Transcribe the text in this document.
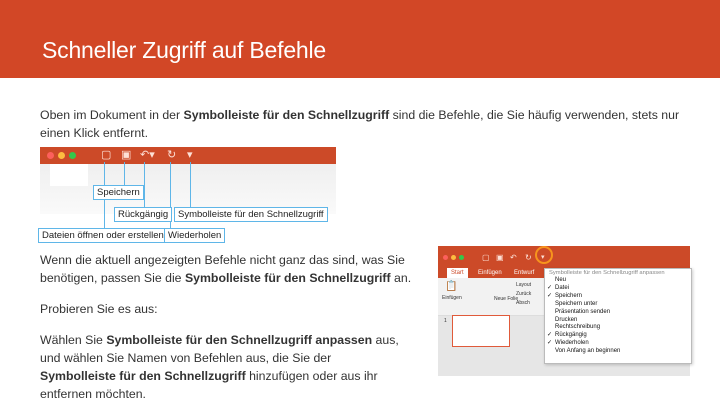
Schneller Zugriff auf Befehle
Oben im Dokument in der Symbolleiste für den Schnellzugriff sind die Befehle, die Sie häufig verwenden, stets nur einen Klick entfernt.
▢ ▣ ↶▾ ↻ ▾
Speichern
Rückgängig	Symbolleiste für den Schnellzugriff
Dateien öffnen oder erstellen Wiederholen
Wenn die aktuell angezeigten Befehle nicht ganz das sind, was Sie benötigen, passen Sie die Symbolleiste für den Schnellzugriff an.
Probieren Sie es aus:
Wählen Sie Symbolleiste für den Schnellzugriff anpassen aus, und wählen Sie Namen von Befehlen aus, die Sie der Symbolleiste für den Schnellzugriff hinzufügen oder aus ihr entfernen möchten.
▢ ▣ ↶ ↻ ▾
Start	Einfügen Entwurf
📋
Einfügen	Neue Folie
Layout
Zurück
Absch
1
Symbolleiste für den Schnellzugriff anpassen
Neu
✓ Datei
✓ Speichern
Speichern unter
Präsentation senden
Drucken
Rechtschreibung
✓ Rückgängig
✓ Wiederholen
Von Anfang an beginnen
